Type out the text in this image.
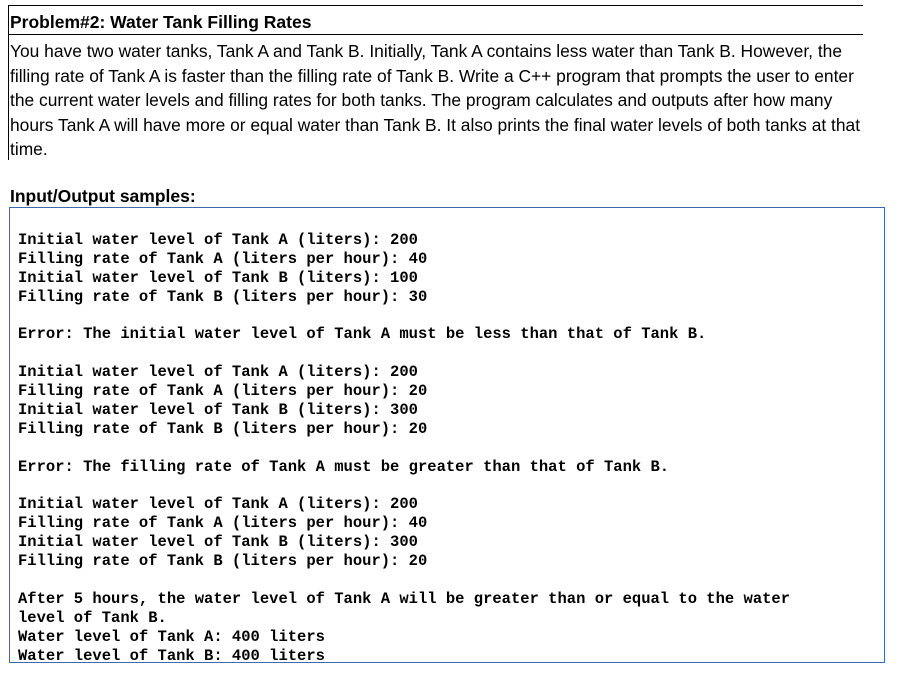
Problem#2: Water Tank Filling Rates

You have two water tanks, Tank A and Tank B. Initially, Tank A contains less water than Tank B. However, the filling rate of Tank A is faster than the filling rate of Tank B. Write a C++ program that prompts the user to enter the current water levels and filling rates for both tanks. The program calculates and outputs after how many hours Tank A will have more or equal water than Tank B. It also prints the final water levels of both tanks at that time.

Input/Output samples:
Initial water level of Tank A (liters): 200
Filling rate of Tank A (liters per hour): 40
Initial water level of Tank B (liters): 100
Filling rate of Tank B (liters per hour): 30
Error: The initial water level of Tank A must be less than that of Tank B.
Initial water level of Tank A (liters): 200
Filling rate of Tank A (liters per hour): 20
Initial water level of Tank B (liters): 300
Filling rate of Tank B (liters per hour): 20
Error: The filling rate of Tank A must be greater than that of Tank B.
Initial water level of Tank A (liters): 200
Filling rate of Tank A (liters per hour): 40
Initial water level of Tank B (liters): 300
Filling rate of Tank B (liters per hour): 20
After 5 hours, the water level of Tank A will be greater than or equal to the water
level of Tank B.
Water level of Tank A: 400 liters
Water level of Tank B: 400 liters
